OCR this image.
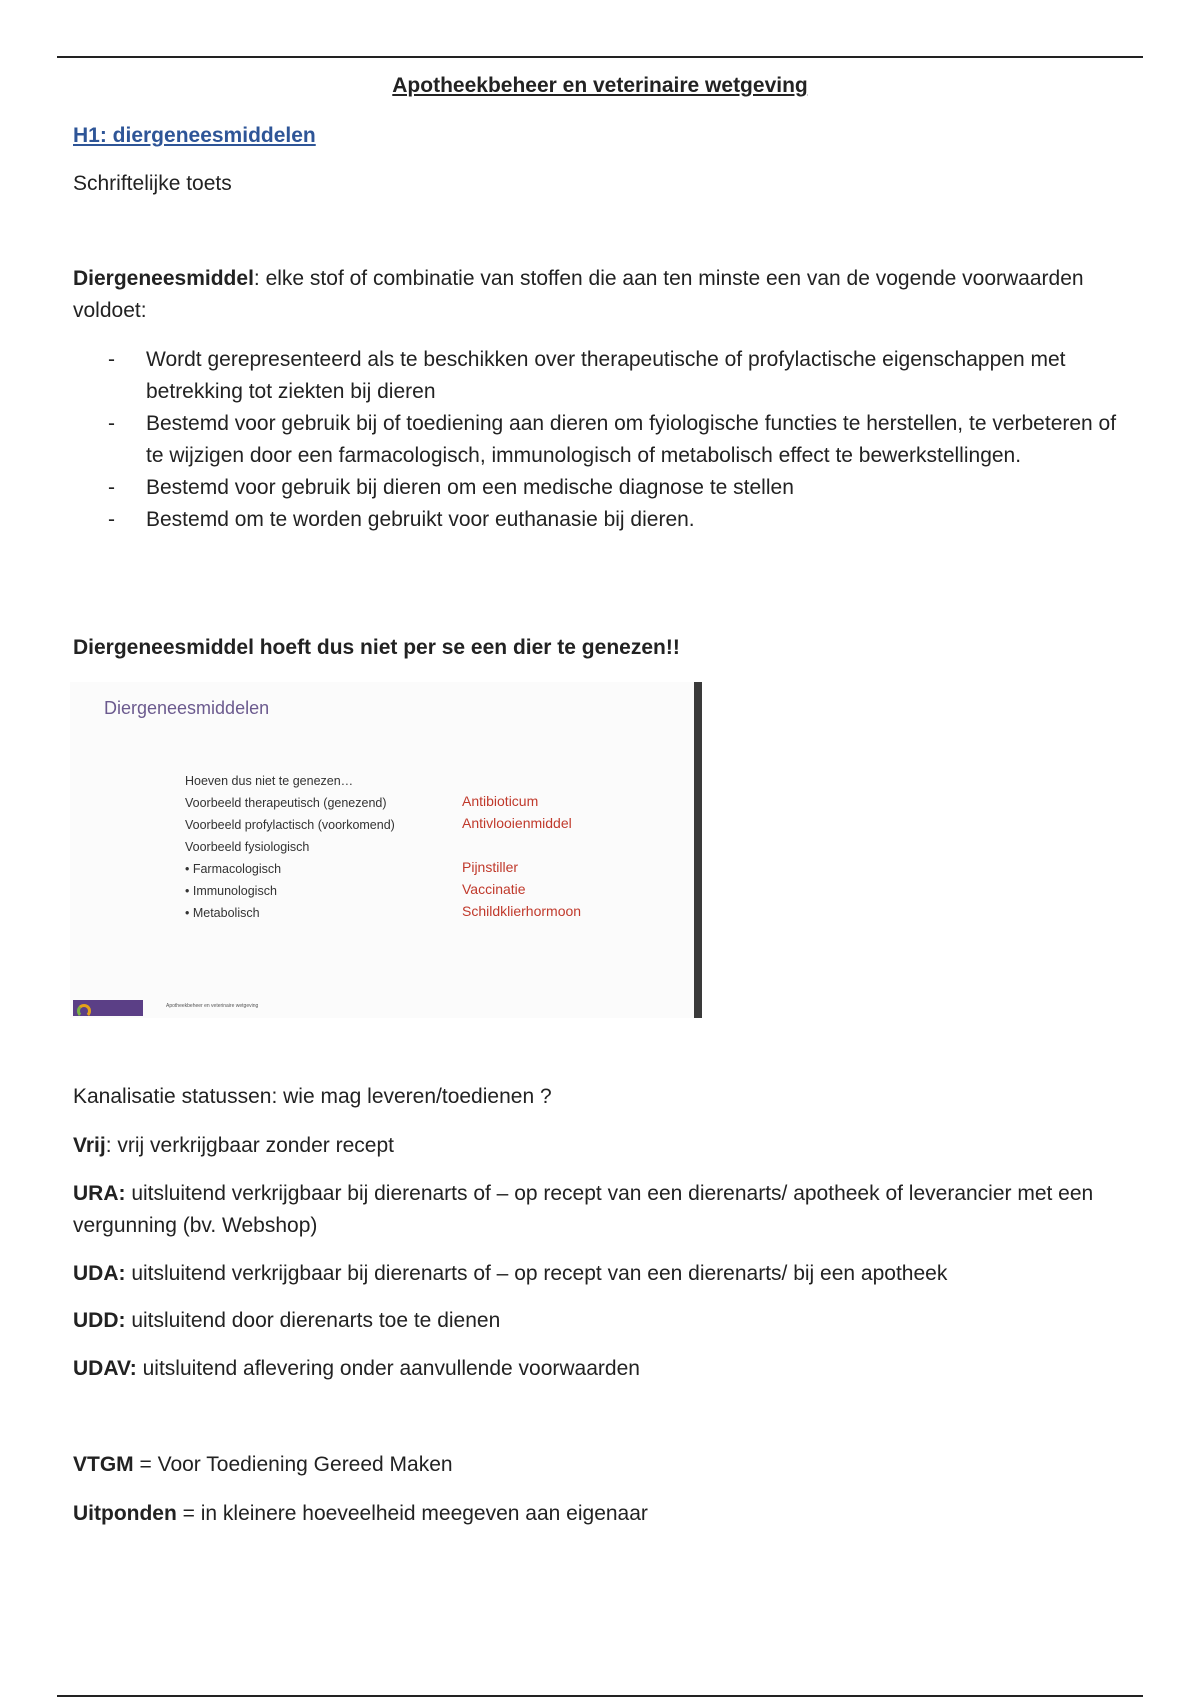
Apotheekbeheer en veterinaire wetgeving
H1: diergeneesmiddelen
Schriftelijke toets
Diergeneesmiddel: elke stof of combinatie van stoffen die aan ten minste een van de vogende voorwaarden voldoet:
- Wordt gerepresenteerd als te beschikken over therapeutische of profylactische eigenschappen met betrekking tot ziekten bij dieren
- Bestemd voor gebruik bij of toediening aan dieren om fyiologische functies te herstellen, te verbeteren of te wijzigen door een farmacologisch, immunologisch of metabolisch effect te bewerkstellingen.
- Bestemd voor gebruik bij dieren om een medische diagnose te stellen
- Bestemd om te worden gebruikt voor euthanasie bij dieren.
Diergeneesmiddel hoeft dus niet per se een dier te genezen!!
Diergeneesmiddelen
Hoeven dus niet te genezen…
Voorbeeld therapeutisch (genezend)
Voorbeeld profylactisch (voorkomend)
Voorbeeld fysiologisch
• Farmacologisch
• Immunologisch
• Metabolisch
Antibioticum
Antivlooienmiddel
Pijnstiller
Vaccinatie
Schildklierhormoon
Apotheekbeheer en veterinaire wetgeving
Kanalisatie statussen: wie mag leveren/toedienen ?
Vrij: vrij verkrijgbaar zonder recept
URA: uitsluitend verkrijgbaar bij dierenarts of – op recept van een dierenarts/ apotheek of leverancier met een vergunning (bv. Webshop)
UDA: uitsluitend verkrijgbaar bij dierenarts of – op recept van een dierenarts/ bij een apotheek
UDD: uitsluitend door dierenarts toe te dienen
UDAV: uitsluitend aflevering onder aanvullende voorwaarden
VTGM = Voor Toediening Gereed Maken
Uitponden = in kleinere hoeveelheid meegeven aan eigenaar
